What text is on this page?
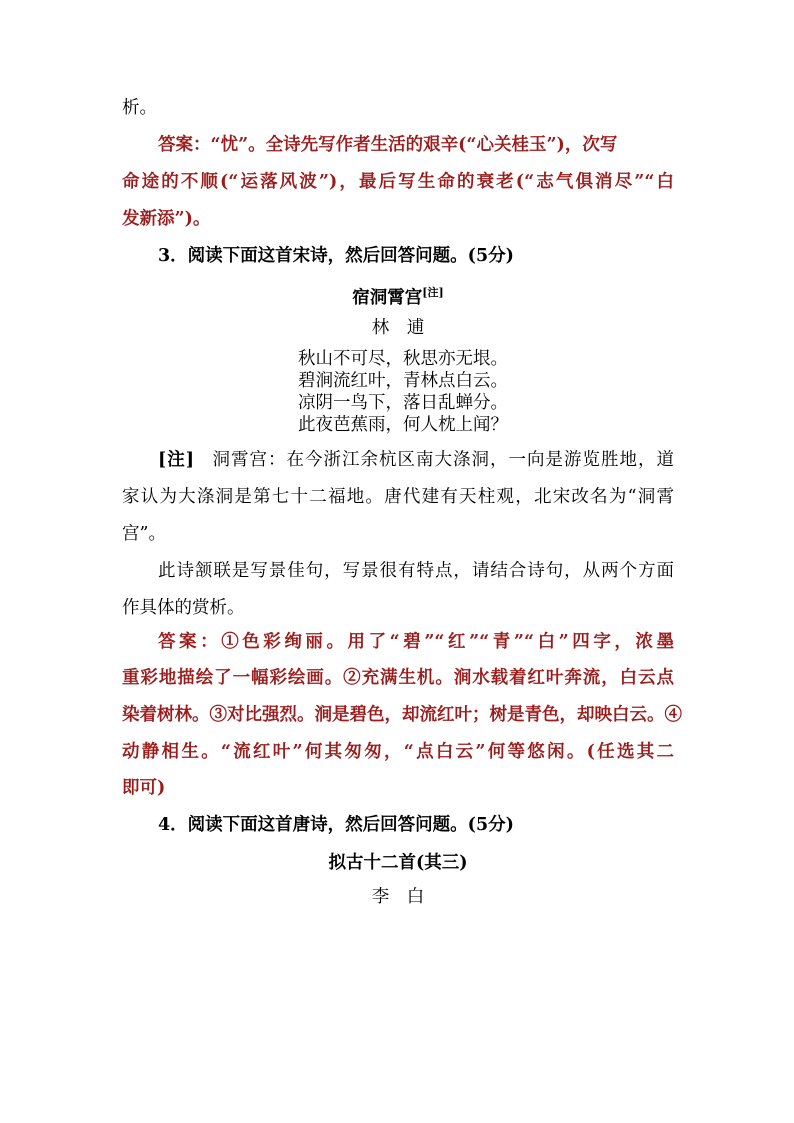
析。
答案：“忧”。全诗先写作者生活的艰辛(“心关桂玉”)，次写
命途的不顺(“运落风波”)，最后写生命的衰老(“志气俱消尽”“白
发新添”)。
3．阅读下面这首宋诗，然后回答问题。(5分)
宿洞霄宫[注]
林　逋
秋山不可尽，秋思亦无垠。
碧涧流红叶，青林点白云。
凉阴一鸟下，落日乱蝉分。
此夜芭蕉雨，何人枕上闻？
[注]  洞霄宫：在今浙江余杭区南大涤洞，一向是游览胜地，道
家认为大涤洞是第七十二福地。唐代建有天柱观，北宋改名为“洞霄
宫”。
此诗颔联是写景佳句，写景很有特点，请结合诗句，从两个方面
作具体的赏析。
答案：①色彩绚丽。用了“碧”“红”“青”“白”四字，浓墨
重彩地描绘了一幅彩绘画。②充满生机。涧水载着红叶奔流，白云点
染着树林。③对比强烈。涧是碧色，却流红叶；树是青色，却映白云。④
动静相生。“流红叶”何其匆匆，“点白云”何等悠闲。(任选其二
即可)
4．阅读下面这首唐诗，然后回答问题。(5分)
拟古十二首(其三)
李　白
